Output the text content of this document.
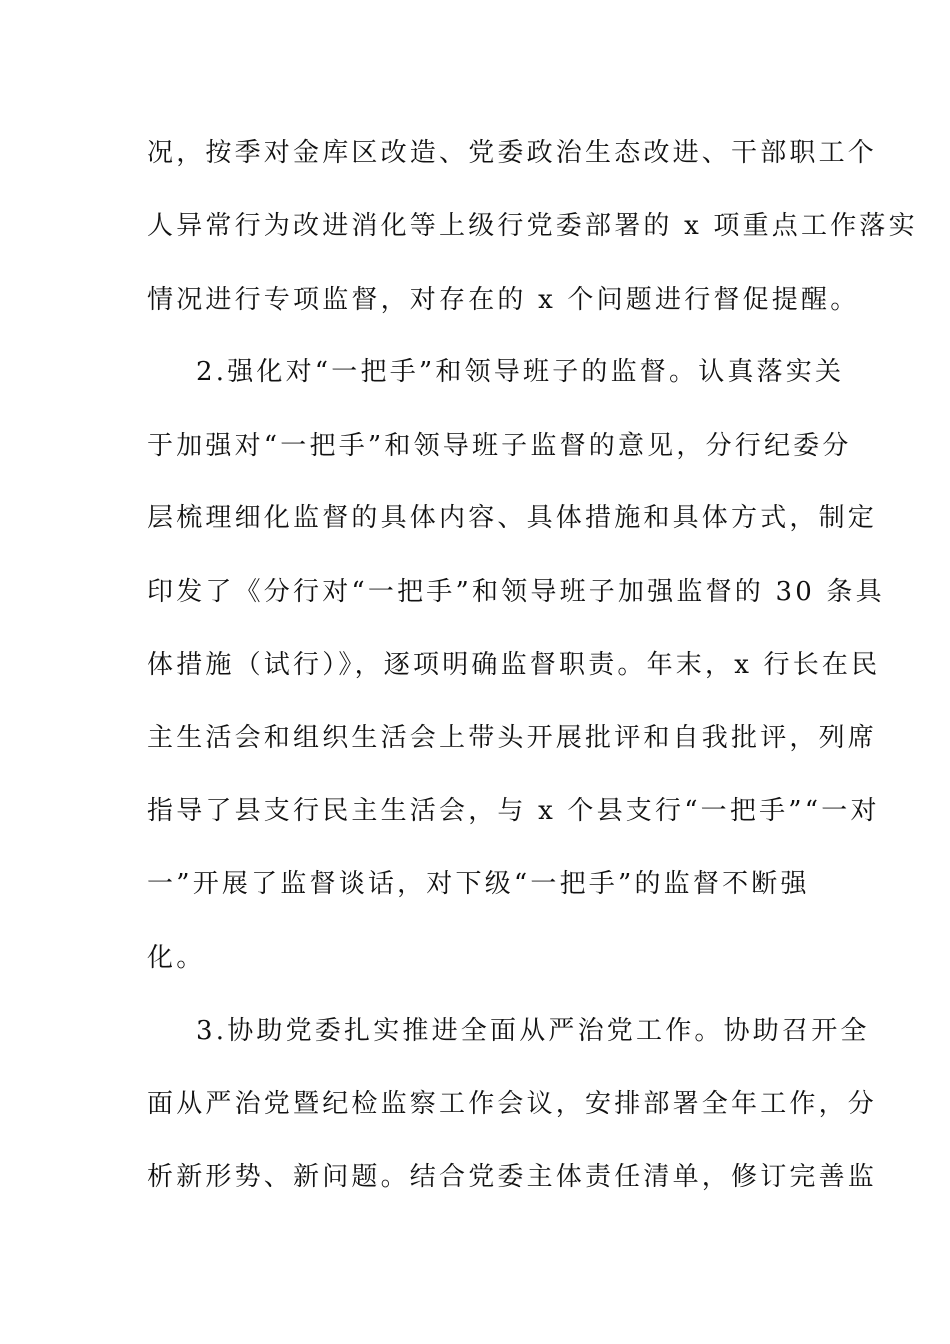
况，按季对金库区改造、党委政治生态改进、干部职工个
人异常行为改进消化等上级行党委部署的 x 项重点工作落实
情况进行专项监督，对存在的 x 个问题进行督促提醒。
2.强化对“一把手”和领导班子的监督。认真落实关
于加强对“一把手”和领导班子监督的意见，分行纪委分
层梳理细化监督的具体内容、具体措施和具体方式，制定
印发了《分行对“一把手”和领导班子加强监督的 30 条具
体措施（试行）》，逐项明确监督职责。年末，x 行长在民
主生活会和组织生活会上带头开展批评和自我批评，列席
指导了县支行民主生活会，与 x 个县支行“一把手”“一对
一”开展了监督谈话，对下级“一把手”的监督不断强
化。
3.协助党委扎实推进全面从严治党工作。协助召开全
面从严治党暨纪检监察工作会议，安排部署全年工作，分
析新形势、新问题。结合党委主体责任清单，修订完善监
